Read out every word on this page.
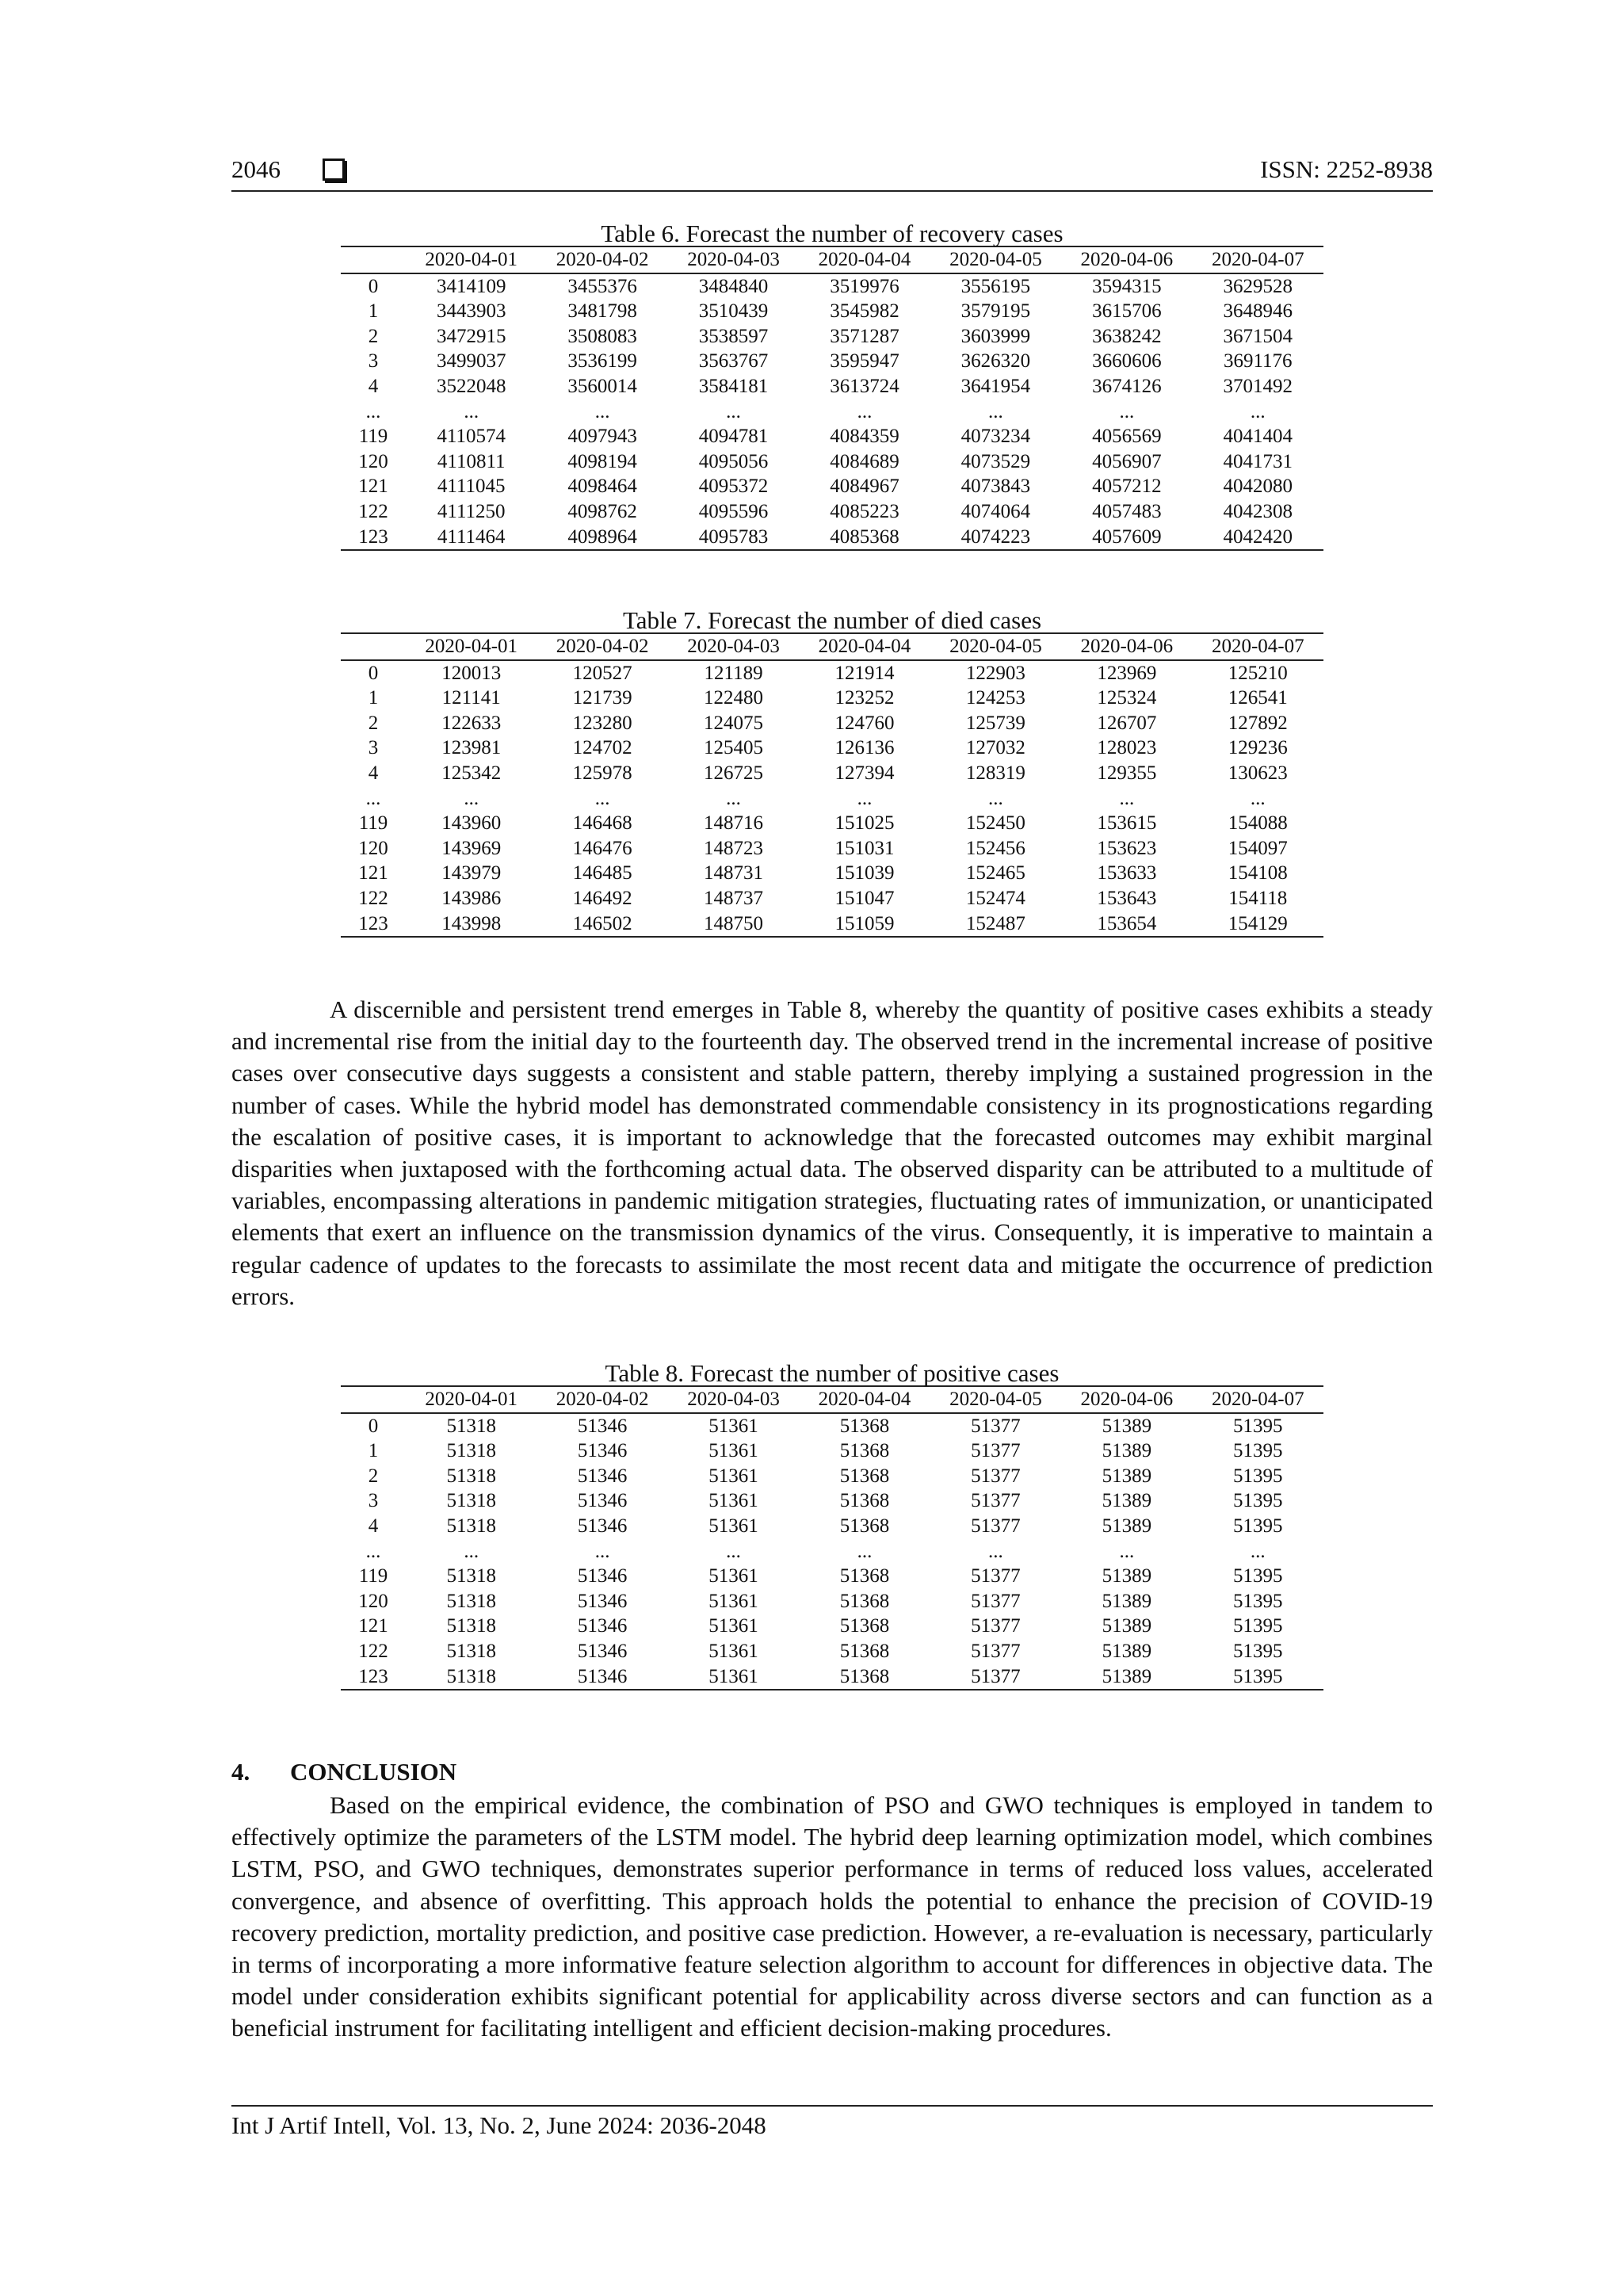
2046	ISSN: 2252-8938
Table 6. Forecast the number of recovery cases
	2020-04-01	2020-04-02	2020-04-03	2020-04-04	2020-04-05	2020-04-06	2020-04-07
0	3414109	3455376	3484840	3519976	3556195	3594315	3629528
1	3443903	3481798	3510439	3545982	3579195	3615706	3648946
2	3472915	3508083	3538597	3571287	3603999	3638242	3671504
3	3499037	3536199	3563767	3595947	3626320	3660606	3691176
4	3522048	3560014	3584181	3613724	3641954	3674126	3701492
...	...	...	...	...	...	...	...
119	4110574	4097943	4094781	4084359	4073234	4056569	4041404
120	4110811	4098194	4095056	4084689	4073529	4056907	4041731
121	4111045	4098464	4095372	4084967	4073843	4057212	4042080
122	4111250	4098762	4095596	4085223	4074064	4057483	4042308
123	4111464	4098964	4095783	4085368	4074223	4057609	4042420
Table 7. Forecast the number of died cases
	2020-04-01	2020-04-02	2020-04-03	2020-04-04	2020-04-05	2020-04-06	2020-04-07
0	120013	120527	121189	121914	122903	123969	125210
1	121141	121739	122480	123252	124253	125324	126541
2	122633	123280	124075	124760	125739	126707	127892
3	123981	124702	125405	126136	127032	128023	129236
4	125342	125978	126725	127394	128319	129355	130623
...	...	...	...	...	...	...	...
119	143960	146468	148716	151025	152450	153615	154088
120	143969	146476	148723	151031	152456	153623	154097
121	143979	146485	148731	151039	152465	153633	154108
122	143986	146492	148737	151047	152474	153643	154118
123	143998	146502	148750	151059	152487	153654	154129

A discernible and persistent trend emerges in Table 8, whereby the quantity of positive cases exhibits a steady and incremental rise from the initial day to the fourteenth day. The observed trend in the incremental increase of positive cases over consecutive days suggests a consistent and stable pattern, thereby implying a sustained progression in the number of cases. While the hybrid model has demonstrated commendable consistency in its prognostications regarding the escalation of positive cases, it is important to acknowledge that the forecasted outcomes may exhibit marginal disparities when juxtaposed with the forthcoming actual data. The observed disparity can be attributed to a multitude of variables, encompassing alterations in pandemic mitigation strategies, fluctuating rates of immunization, or unanticipated elements that exert an influence on the transmission dynamics of the virus. Consequently, it is imperative to maintain a regular cadence of updates to the forecasts to assimilate the most recent data and mitigate the occurrence of prediction errors.

Table 8. Forecast the number of positive cases
	2020-04-01	2020-04-02	2020-04-03	2020-04-04	2020-04-05	2020-04-06	2020-04-07
0	51318	51346	51361	51368	51377	51389	51395
1	51318	51346	51361	51368	51377	51389	51395
2	51318	51346	51361	51368	51377	51389	51395
3	51318	51346	51361	51368	51377	51389	51395
4	51318	51346	51361	51368	51377	51389	51395
...	...	...	...	...	...	...	...
119	51318	51346	51361	51368	51377	51389	51395
120	51318	51346	51361	51368	51377	51389	51395
121	51318	51346	51361	51368	51377	51389	51395
122	51318	51346	51361	51368	51377	51389	51395
123	51318	51346	51361	51368	51377	51389	51395
4. CONCLUSION

Based on the empirical evidence, the combination of PSO and GWO techniques is employed in tandem to effectively optimize the parameters of the LSTM model. The hybrid deep learning optimization model, which combines LSTM, PSO, and GWO techniques, demonstrates superior performance in terms of reduced loss values, accelerated convergence, and absence of overfitting. This approach holds the potential to enhance the precision of COVID-19 recovery prediction, mortality prediction, and positive case prediction. However, a re-evaluation is necessary, particularly in terms of incorporating a more informative feature selection algorithm to account for differences in objective data. The model under consideration exhibits significant potential for applicability across diverse sectors and can function as a beneficial instrument for facilitating intelligent and efficient decision-making procedures.

Int J Artif Intell, Vol. 13, No. 2, June 2024: 2036-2048
